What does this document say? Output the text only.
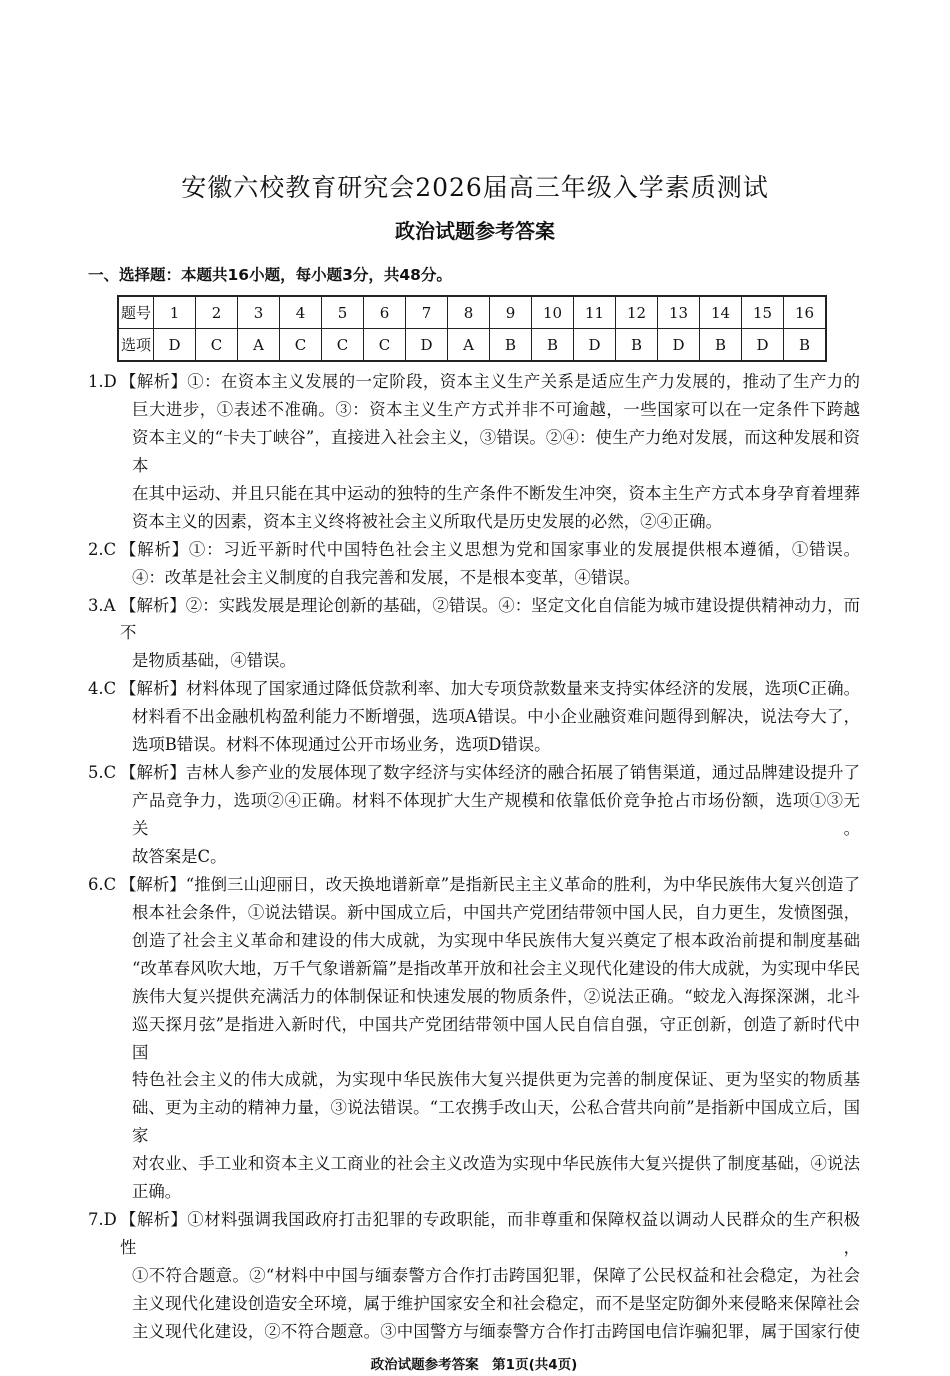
安徽六校教育研究会2026届高三年级入学素质测试
政治试题参考答案
一、选择题：本题共16小题，每小题3分，共48分。
题号	1	2	3	4	5	6	7	8	9	10	11	12	13	14	15	16
选项	D	C	A	C	C	C	D	A	B	B	D	B	D	B	D	B
1.D 【解析】①：在资本主义发展的一定阶段，资本主义生产关系是适应生产力发展的，推动了生产力的
巨大进步，①表述不准确。③：资本主义生产方式并非不可逾越，一些国家可以在一定条件下跨越
资本主义的“卡夫丁峡谷”，直接进入社会主义，③错误。②④：使生产力绝对发展，而这种发展和资本
在其中运动、并且只能在其中运动的独特的生产条件不断发生冲突，资本主生产方式本身孕育着埋葬
资本主义的因素，资本主义终将被社会主义所取代是历史发展的必然，②④正确。
2.C 【解析】①：习近平新时代中国特色社会主义思想为党和国家事业的发展提供根本遵循，①错误。
④：改革是社会主义制度的自我完善和发展，不是根本变革，④错误。
3.A 【解析】②：实践发展是理论创新的基础，②错误。④：坚定文化自信能为城市建设提供精神动力，而不
是物质基础，④错误。
4.C 【解析】材料体现了国家通过降低贷款利率、加大专项贷款数量来支持实体经济的发展，选项C正确。
材料看不出金融机构盈利能力不断增强，选项A错误。中小企业融资难问题得到解决，说法夸大了，
选项B错误。材料不体现通过公开市场业务，选项D错误。
5.C 【解析】吉林人参产业的发展体现了数字经济与实体经济的融合拓展了销售渠道，通过品牌建设提升了
产品竞争力，选项②④正确。材料不体现扩大生产规模和依靠低价竞争抢占市场份额，选项①③无关。
故答案是C。
6.C 【解析】“推倒三山迎丽日，改天换地谱新章”是指新民主主义革命的胜利，为中华民族伟大复兴创造了
根本社会条件，①说法错误。新中国成立后，中国共产党团结带领中国人民，自力更生，发愤图强，
创造了社会主义革命和建设的伟大成就，为实现中华民族伟大复兴奠定了根本政治前提和制度基础
“改革春风吹大地，万千气象谱新篇”是指改革开放和社会主义现代化建设的伟大成就，为实现中华民
族伟大复兴提供充满活力的体制保证和快速发展的物质条件，②说法正确。“蛟龙入海探深渊，北斗
巡天探月弦”是指进入新时代，中国共产党团结带领中国人民自信自强，守正创新，创造了新时代中国
特色社会主义的伟大成就，为实现中华民族伟大复兴提供更为完善的制度保证、更为坚实的物质基
础、更为主动的精神力量，③说法错误。“工农携手改山天，公私合营共向前”是指新中国成立后，国家
对农业、手工业和资本主义工商业的社会主义改造为实现中华民族伟大复兴提供了制度基础，④说法
正确。
7.D 【解析】①材料强调我国政府打击犯罪的专政职能，而非尊重和保障权益以调动人民群众的生产积极性，
①不符合题意。②“材料中中国与缅泰警方合作打击跨国犯罪，保障了公民权益和社会稳定，为社会
主义现代化建设创造安全环境，属于维护国家安全和社会稳定，而不是坚定防御外来侵略来保障社会
主义现代化建设，②不符合题意。③中国警方与缅泰警方合作打击跨国电信诈骗犯罪，属于国家行使
政治试题参考答案　第1页(共4页)
